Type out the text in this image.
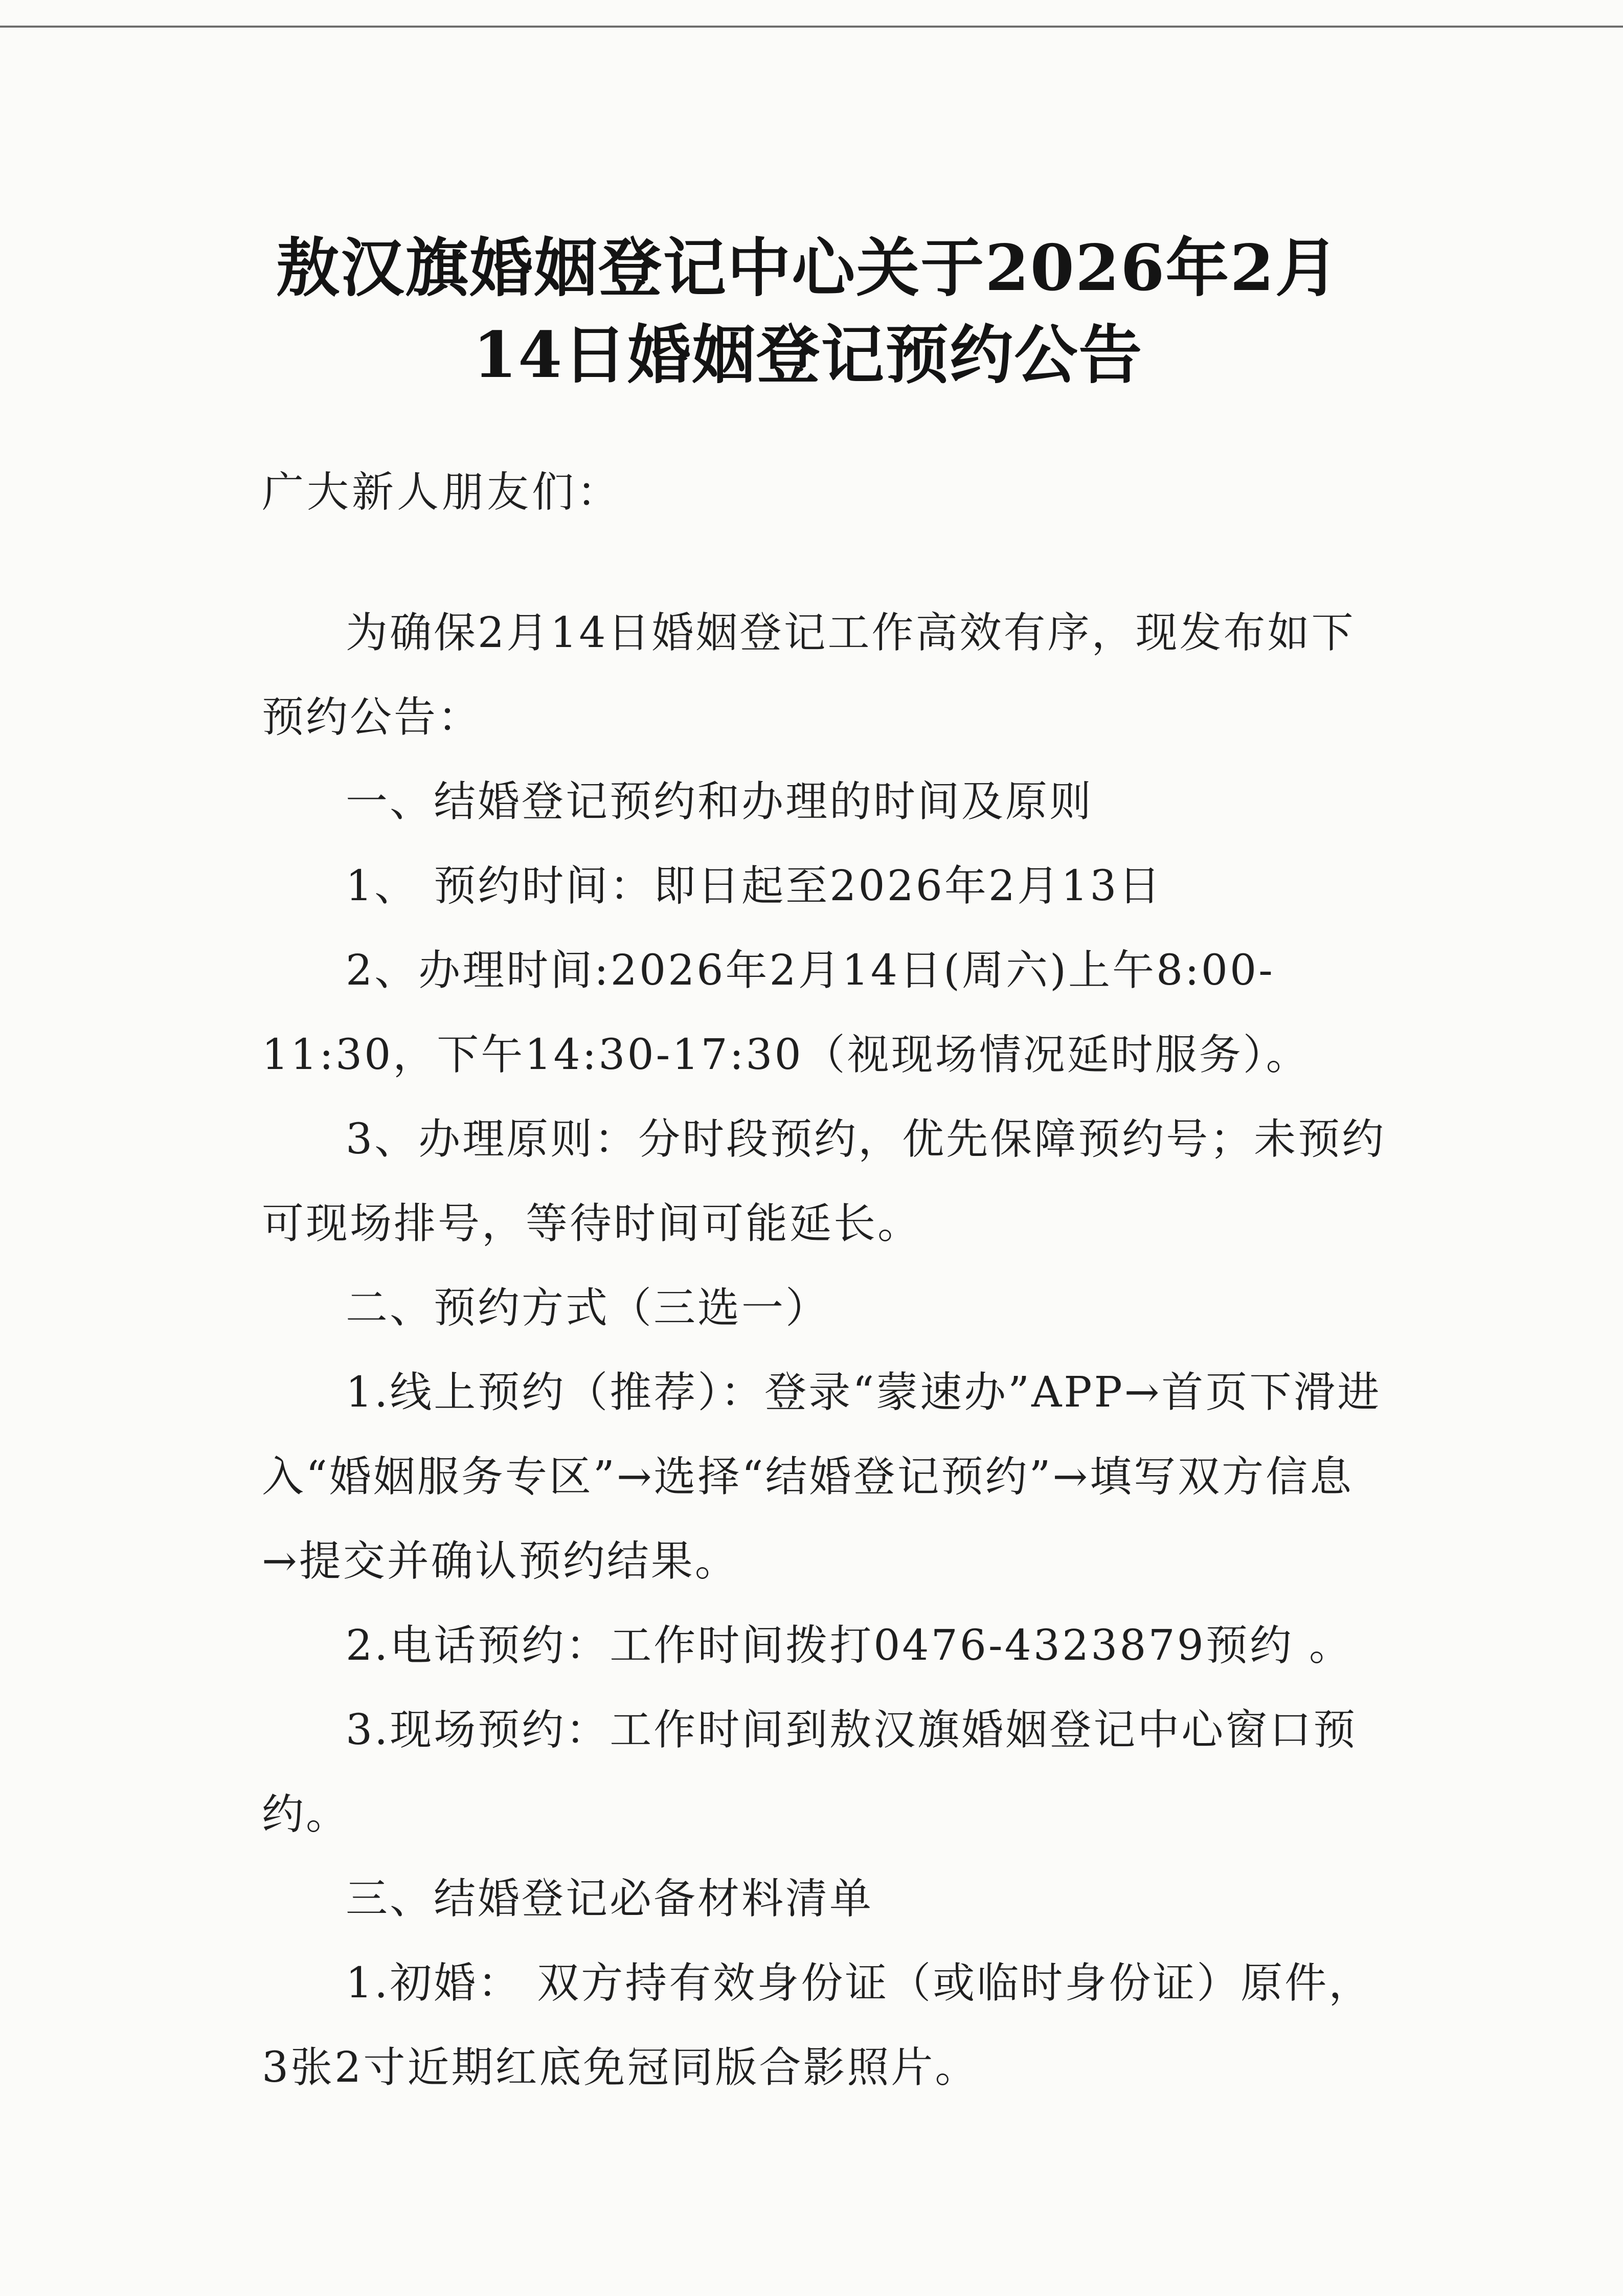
敖汉旗婚姻登记中心关于2026年2月
14日婚姻登记预约公告

广大新人朋友们：

为确保2月14日婚姻登记工作高效有序，现发布如下预约公告：

一、结婚登记预约和办理的时间及原则

1、 预约时间：即日起至2026年2月13日

2、办理时间:2026年2月14日(周六)上午8:00-11:30，下午14:30-17:30（视现场情况延时服务）。

3、办理原则：分时段预约，优先保障预约号；未预约可现场排号，等待时间可能延长。

二、预约方式（三选一）

1.线上预约（推荐）：登录“蒙速办”APP→首页下滑进入“婚姻服务专区”→选择“结婚登记预约”→填写双方信息→提交并确认预约结果。

2.电话预约：工作时间拨打0476-4323879预约 。

3.现场预约：工作时间到敖汉旗婚姻登记中心窗口预约。

三、结婚登记必备材料清单

1.初婚： 双方持有效身份证（或临时身份证）原件， 3张2寸近期红底免冠同版合影照片。
